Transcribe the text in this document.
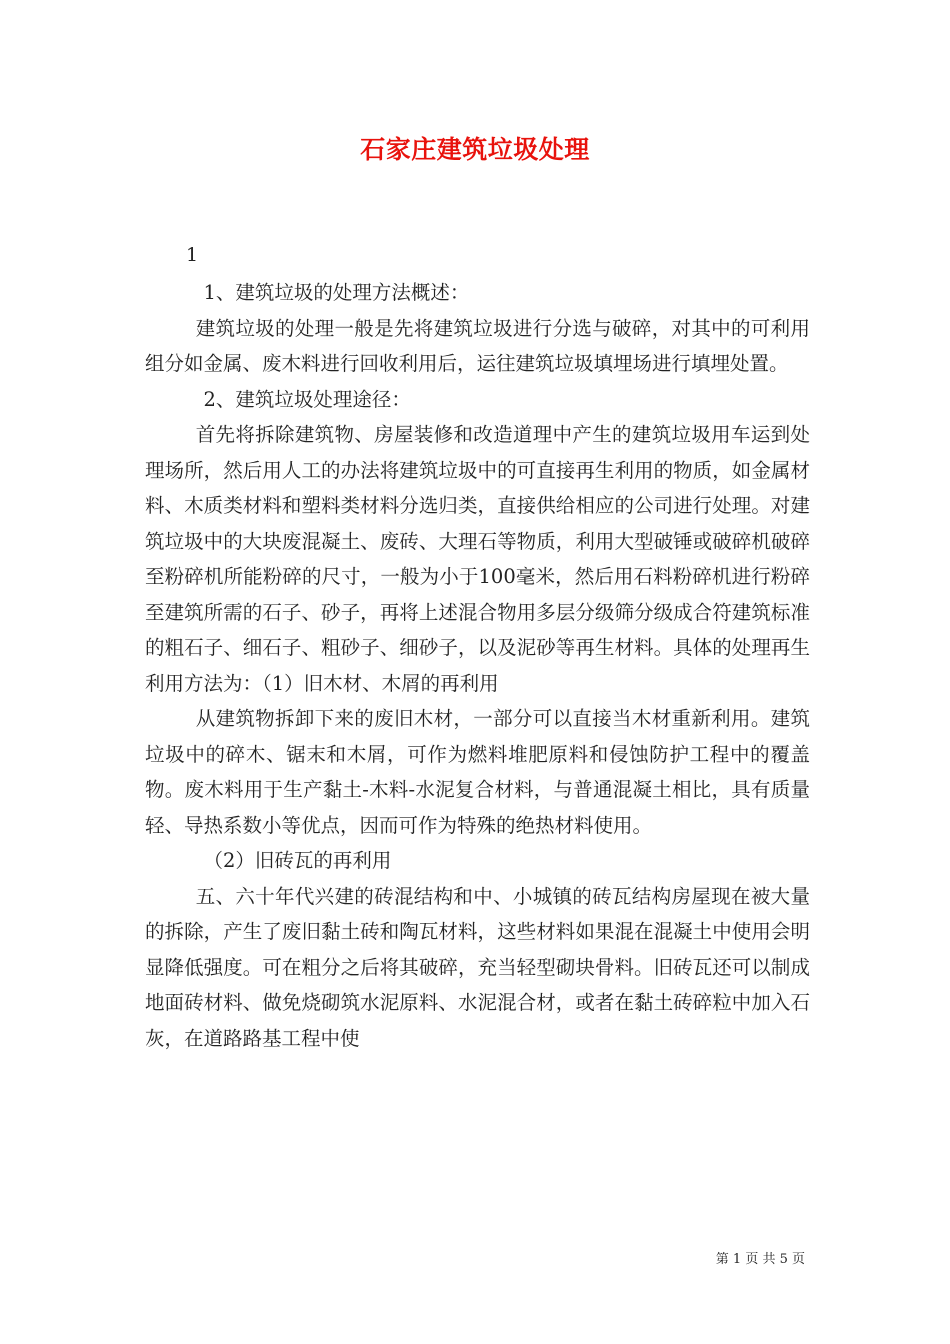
石家庄建筑垃圾处理
1

1、建筑垃圾的处理方法概述：

建筑垃圾的处理一般是先将建筑垃圾进行分选与破碎，对其中的可利用组分如金属、废木料进行回收利用后，运往建筑垃圾填埋场进行填埋处置。

2、建筑垃圾处理途径：

首先将拆除建筑物、房屋装修和改造道理中产生的建筑垃圾用车运到处理场所，然后用人工的办法将建筑垃圾中的可直接再生利用的物质，如金属材料、木质类材料和塑料类材料分选归类，直接供给相应的公司进行处理。对建筑垃圾中的大块废混凝土、废砖、大理石等物质，利用大型破锤或破碎机破碎至粉碎机所能粉碎的尺寸，一般为小于100毫米，然后用石料粉碎机进行粉碎至建筑所需的石子、砂子，再将上述混合物用多层分级筛分级成合符建筑标准的粗石子、细石子、粗砂子、细砂子，以及泥砂等再生材料。具体的处理再生利用方法为：（1）旧木材、木屑的再利用

从建筑物拆卸下来的废旧木材，一部分可以直接当木材重新利用。建筑垃圾中的碎木、锯末和木屑，可作为燃料堆肥原料和侵蚀防护工程中的覆盖物。废木料用于生产黏土-木料-水泥复合材料，与普通混凝土相比，具有质量轻、导热系数小等优点，因而可作为特殊的绝热材料使用。

（2）旧砖瓦的再利用

五、六十年代兴建的砖混结构和中、小城镇的砖瓦结构房屋现在被大量的拆除，产生了废旧黏土砖和陶瓦材料，这些材料如果混在混凝土中使用会明显降低强度。可在粗分之后将其破碎，充当轻型砌块骨料。旧砖瓦还可以制成地面砖材料、做免烧砌筑水泥原料、水泥混合材，或者在黏土砖碎粒中加入石灰，在道路路基工程中使

第 1 页 共 5 页
